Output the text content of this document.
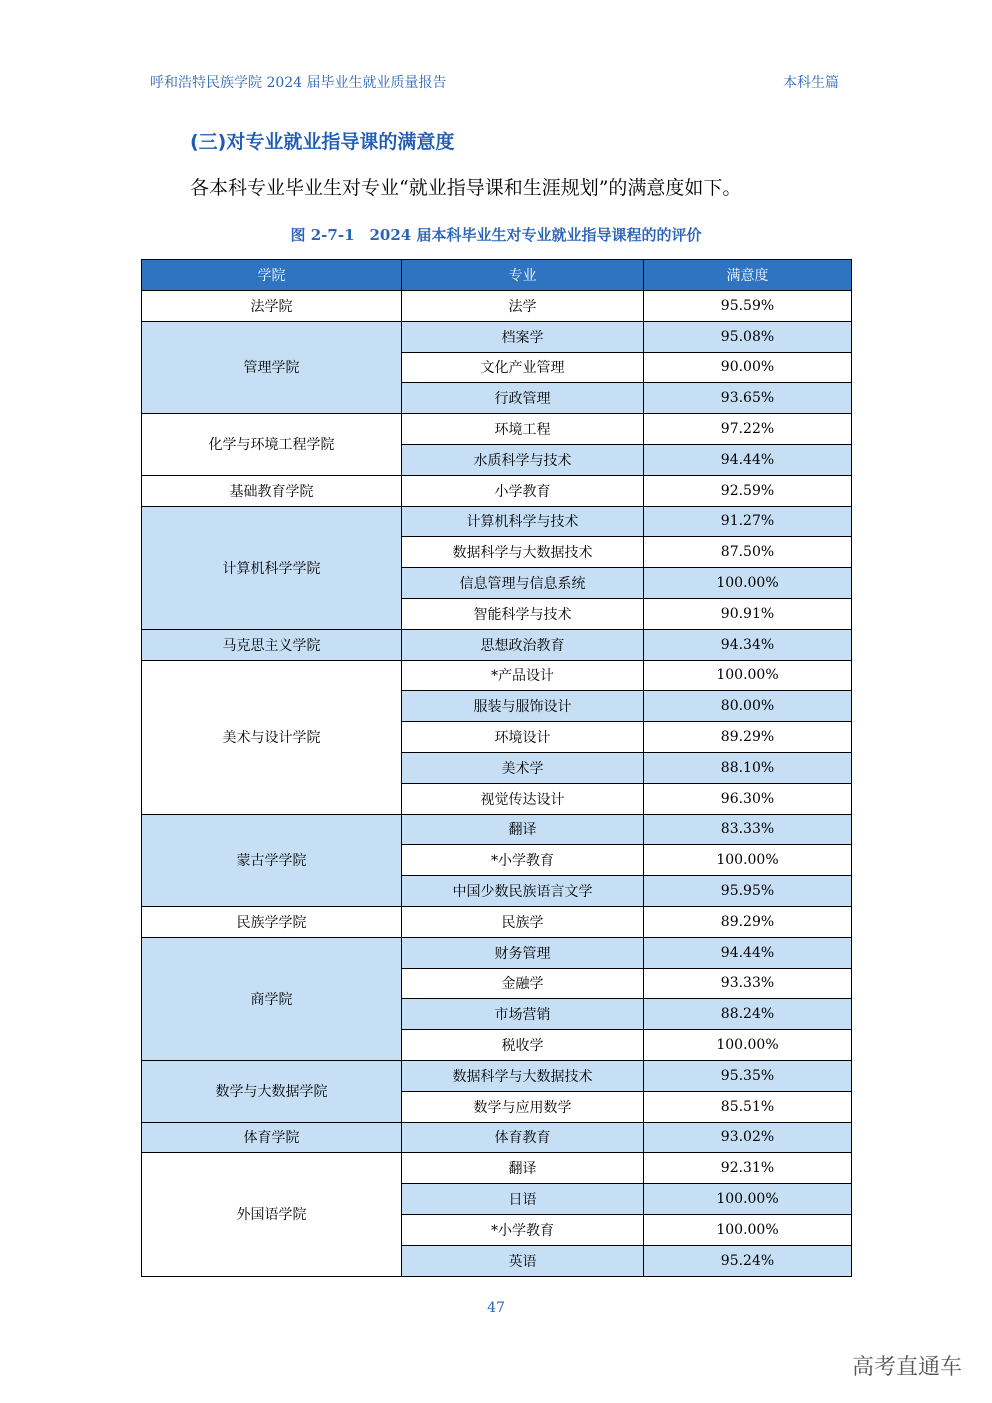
呼和浩特民族学院 2024 届毕业生就业质量报告	本科生篇
(三)对专业就业指导课的满意度
各本科专业毕业生对专业“就业指导课和生涯规划”的满意度如下。
图 2-7-1　2024 届本科毕业生对专业就业指导课程的的评价
学院	专业	满意度
法学院	法学	95.59%
管理学院	档案学	95.08%
	文化产业管理	90.00%
	行政管理	93.65%
化学与环境工程学院	环境工程	97.22%
	水质科学与技术	94.44%
基础教育学院	小学教育	92.59%
计算机科学学院	计算机科学与技术	91.27%
	数据科学与大数据技术	87.50%
	信息管理与信息系统	100.00%
	智能科学与技术	90.91%
马克思主义学院	思想政治教育	94.34%
美术与设计学院	*产品设计	100.00%
	服装与服饰设计	80.00%
	环境设计	89.29%
	美术学	88.10%
	视觉传达设计	96.30%
蒙古学学院	翻译	83.33%
	*小学教育	100.00%
	中国少数民族语言文学	95.95%
民族学学院	民族学	89.29%
商学院	财务管理	94.44%
	金融学	93.33%
	市场营销	88.24%
	税收学	100.00%
数学与大数据学院	数据科学与大数据技术	95.35%
	数学与应用数学	85.51%
体育学院	体育教育	93.02%
外国语学院	翻译	92.31%
	日语	100.00%
	*小学教育	100.00%
	英语	95.24%
47
高考直通车
